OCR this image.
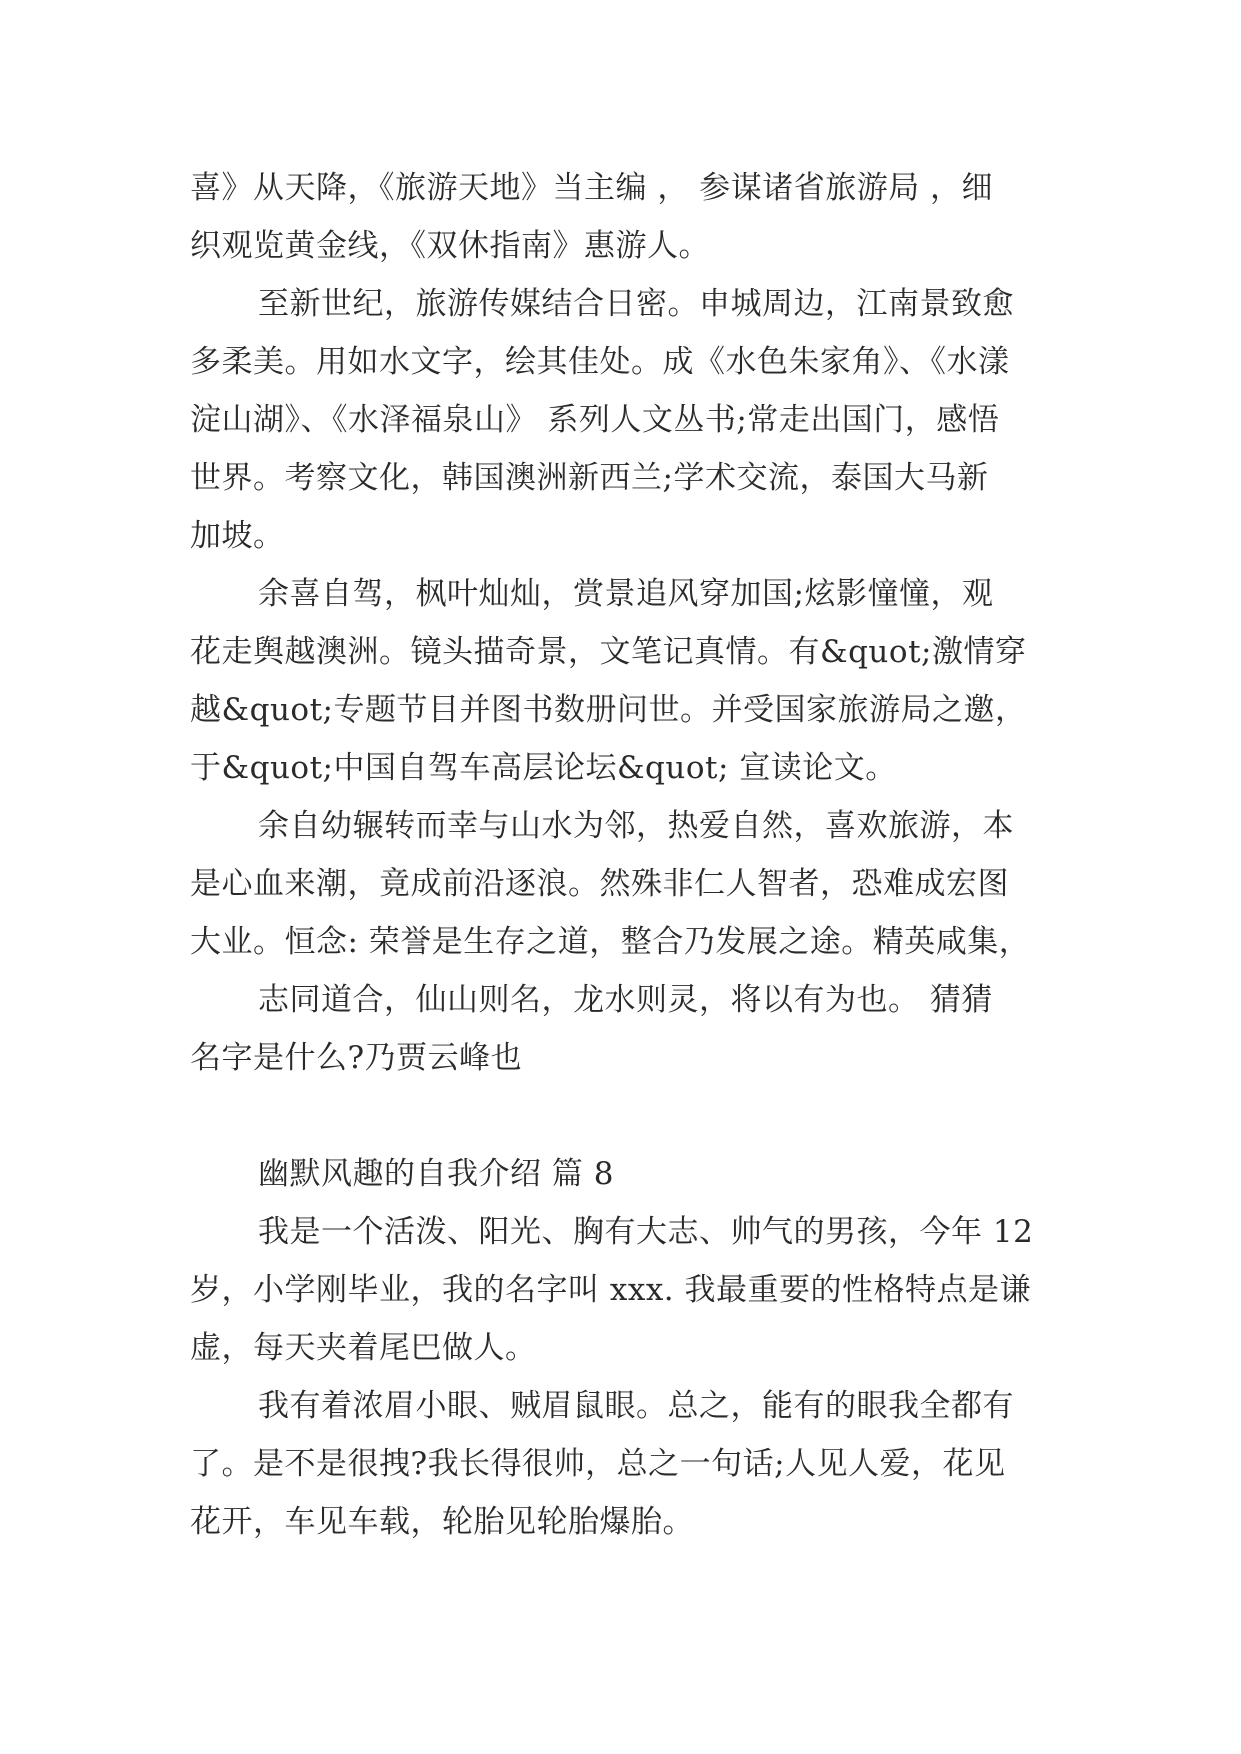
喜》从天降，《旅游天地》当主编 ， 参谋诸省旅游局 ，细
织观览黄金线，《双休指南》惠游人。
至新世纪，旅游传媒结合日密。申城周边，江南景致愈
多柔美。用如水文字，绘其佳处。成《水色朱家角》、《水漾
淀山湖》、《水泽福泉山》 系列人文丛书;常走出国门，感悟
世界。考察文化，韩国澳洲新西兰;学术交流，泰国大马新
加坡。
余喜自驾，枫叶灿灿，赏景追风穿加国;炫影憧憧，观
花走舆越澳洲。镜头描奇景，文笔记真情。有&quot;激情穿
越&quot;专题节目并图书数册问世。并受国家旅游局之邀，
于&quot;中国自驾车高层论坛&quot; 宣读论文。
余自幼辗转而幸与山水为邻，热爱自然，喜欢旅游，本
是心血来潮，竟成前沿逐浪。然殊非仁人智者，恐难成宏图
大业。恒念: 荣誉是生存之道，整合乃发展之途。精英咸集，
志同道合，仙山则名，龙水则灵，将以有为也。 猜猜
名字是什么?乃贾云峰也
幽默风趣的自我介绍 篇 8
我是一个活泼、阳光、胸有大志、帅气的男孩，今年 12
岁，小学刚毕业，我的名字叫 xxx. 我最重要的性格特点是谦
虚，每天夹着尾巴做人。
我有着浓眉小眼、贼眉鼠眼。总之，能有的眼我全都有
了。是不是很拽?我长得很帅，总之一句话;人见人爱，花见
花开，车见车载，轮胎见轮胎爆胎。
